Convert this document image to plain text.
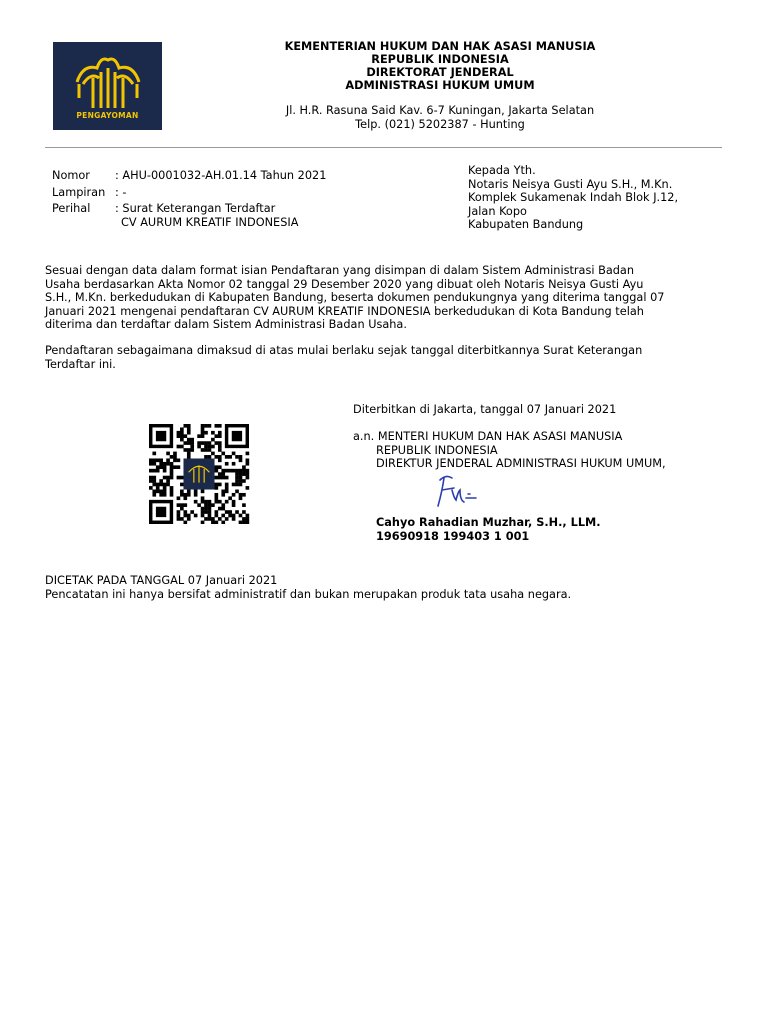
PENGAYOMAN
KEMENTERIAN HUKUM DAN HAK ASASI MANUSIA
REPUBLIK INDONESIA
DIREKTORAT JENDERAL
ADMINISTRASI HUKUM UMUM
Jl. H.R. Rasuna Said Kav. 6-7 Kuningan, Jakarta Selatan
Telp. (021) 5202387 - Hunting
Nomor	: AHU-0001032-AH.01.14 Tahun 2021
Lampiran : -
Perihal	: Surat Keterangan Terdaftar
CV AURUM KREATIF INDONESIA
Kepada Yth.
Notaris Neisya Gusti Ayu S.H., M.Kn.
Komplek Sukamenak Indah Blok J.12,
Jalan Kopo
Kabupaten Bandung
Sesuai dengan data dalam format isian Pendaftaran yang disimpan di dalam Sistem Administrasi Badan
Usaha berdasarkan Akta Nomor 02 tanggal 29 Desember 2020 yang dibuat oleh Notaris Neisya Gusti Ayu
S.H., M.Kn. berkedudukan di Kabupaten Bandung, beserta dokumen pendukungnya yang diterima tanggal 07
Januari 2021 mengenai pendaftaran CV AURUM KREATIF INDONESIA berkedudukan di Kota Bandung telah
diterima dan terdaftar dalam Sistem Administrasi Badan Usaha.
Pendaftaran sebagaimana dimaksud di atas mulai berlaku sejak tanggal diterbitkannya Surat Keterangan
Terdaftar ini.
Diterbitkan di Jakarta, tanggal 07 Januari 2021
a.n. MENTERI HUKUM DAN HAK ASASI MANUSIA
REPUBLIK INDONESIA
DIREKTUR JENDERAL ADMINISTRASI HUKUM UMUM,
Cahyo Rahadian Muzhar, S.H., LLM.
19690918 199403 1 001
DICETAK PADA TANGGAL 07 Januari 2021
Pencatatan ini hanya bersifat administratif dan bukan merupakan produk tata usaha negara.
